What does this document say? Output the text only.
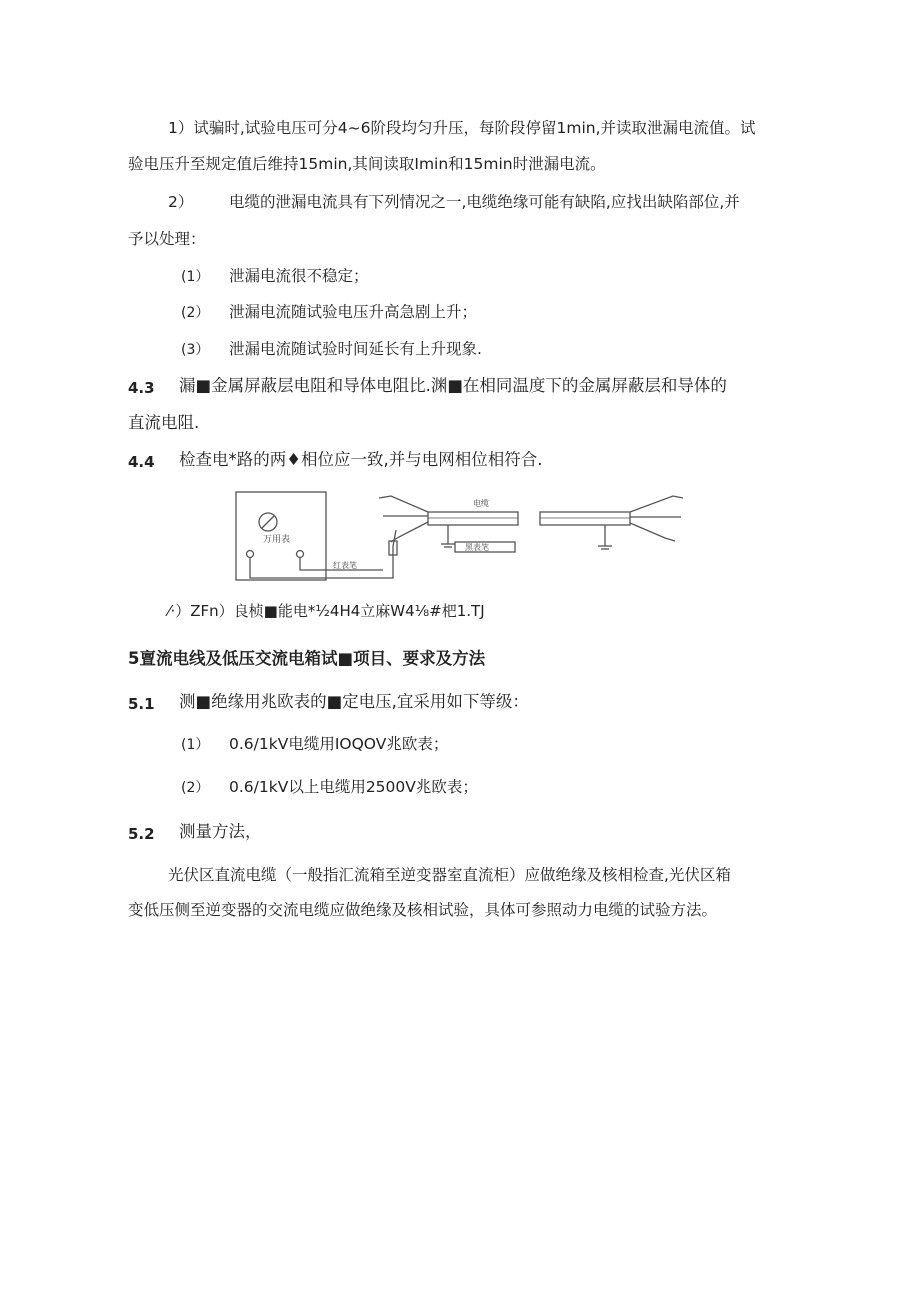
1）试骗时,试验电压可分4~6阶段均匀升压，每阶段停留1min,并读取泄漏电流值。试
验电压升至规定值后维持15min,其间读取Imin和15min时泄漏电流。
2） 电缆的泄漏电流具有下列情况之一,电缆绝缘可能有缺陷,应找出缺陷部位,并
予以处理：
(1） 泄漏电流很不稳定；
(2） 泄漏电流随试验电压升高急剧上升；
(3） 泄漏电流随试验时间延长有上升现象.
4.3 漏■金属屏蔽层电阻和导体电阻比.渊■在相同温度下的金属屏蔽层和导体的
直流电阻.
4.4 检查电*路的两♦相位应一致,并与电网相位相符合.
万用表
电缆
红表笔
黑表笔
⁄·）ZFn）良桢■能电*½4H4立麻W4⅛#杷1.TJ
5亶流电线及低压交流电箱试■项目、要求及方法
5.1 测■绝缘用兆欧表的■定电压,宜采用如下等级：
(1） 0.6/1kV电缆用IOQOV兆欧表；
(2） 0.6/1kV以上电缆用2500V兆欧表；
5.2 测量方法，
光伏区直流电缆（一般指汇流箱至逆变器室直流柜）应做绝缘及核相检查,光伏区箱
变低压侧至逆变器的交流电缆应做绝缘及核相试验，具体可参照动力电缆的试验方法。
